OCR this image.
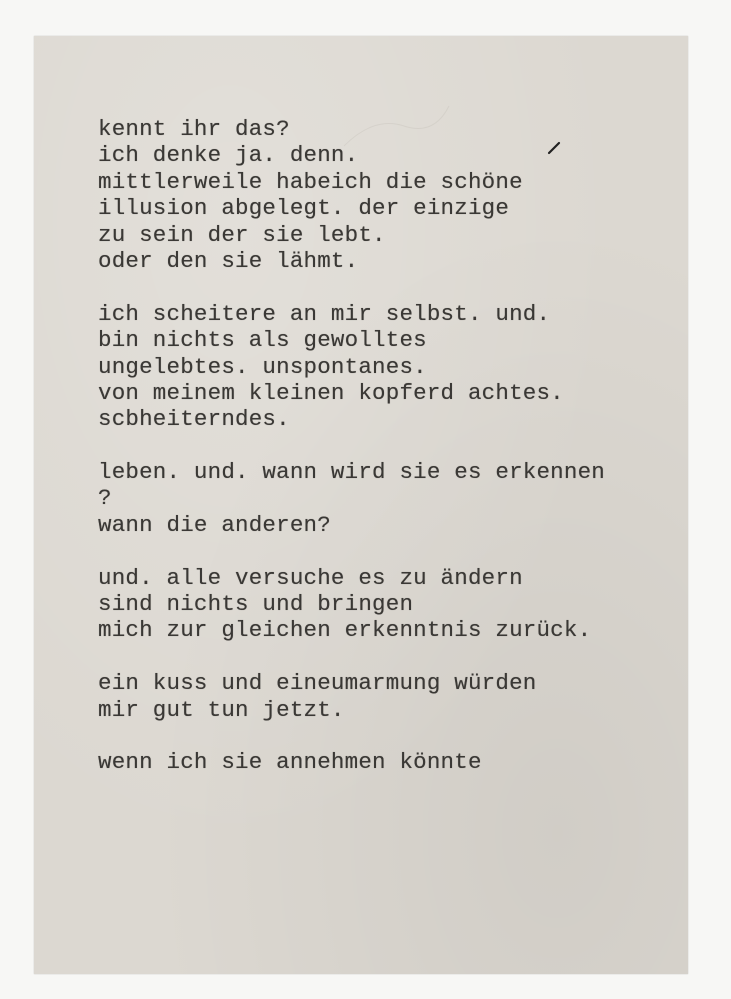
kennt ihr das?
ich denke ja. denn.
mittlerweile habeich die schöne
illusion abgelegt. der einzige
zu sein der sie lebt.
oder den sie lähmt.
ich scheitere an mir selbst. und.
bin nichts als gewolltes
ungelebtes. unspontanes.
von meinem kleinen kopferd achtes.
scbheiterndes.
leben. und. wann wird sie es erkennen
?
wann die anderen?
und. alle versuche es zu ändern
sind nichts und bringen
mich zur gleichen erkenntnis zurück.
ein kuss und eineumarmung würden
mir gut tun jetzt.
wenn ich sie annehmen könnte
